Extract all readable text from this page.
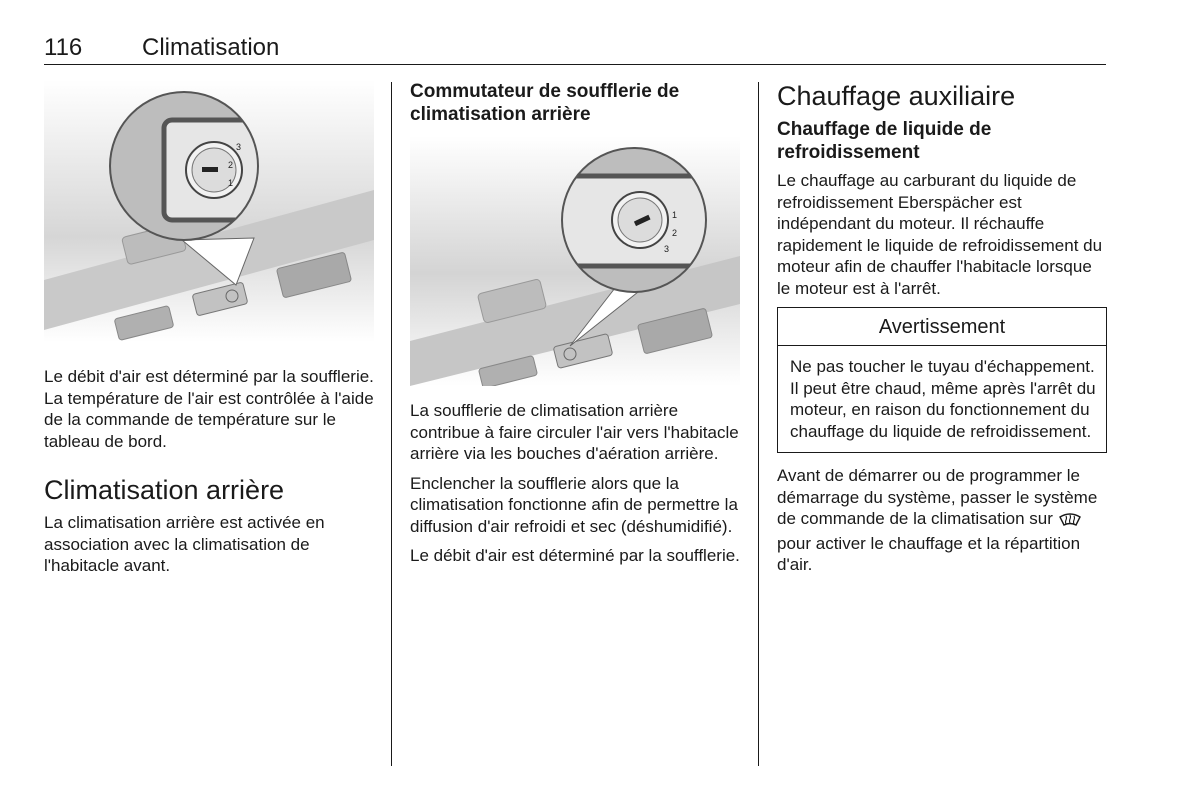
116 Climatisation
3
2
1

Le débit d'air est déterminé par la soufflerie. La température de l'air est contrôlée à l'aide de la commande de température sur le tableau de bord.

Climatisation arrière

La climatisation arrière est activée en association avec la climatisation de l'habitacle avant.

Commutateur de soufflerie de climatisation arrière
1
2
3

La soufflerie de climatisation arrière contribue à faire circuler l'air vers l'habitacle arrière via les bouches d'aération arrière.

Enclencher la soufflerie alors que la climatisation fonctionne afin de permettre la diffusion d'air refroidi et sec (déshumidifié).

Le débit d'air est déterminé par la soufflerie.

Chauffage auxiliaire
Chauffage de liquide de refroidissement

Le chauffage au carburant du liquide de refroidissement Eberspächer est indépendant du moteur. Il réchauffe rapidement le liquide de refroidissement du moteur afin de chauffer l'habitacle lorsque le moteur est à l'arrêt.

Avertissement

Ne pas toucher le tuyau d'échappement. Il peut être chaud, même après l'arrêt du moteur, en raison du fonctionnement du chauffage du liquide de refroidissement.

Avant de démarrer ou de programmer le démarrage du système, passer le système de commande de la climatisation sur  pour activer le chauffage et la répartition d'air.
